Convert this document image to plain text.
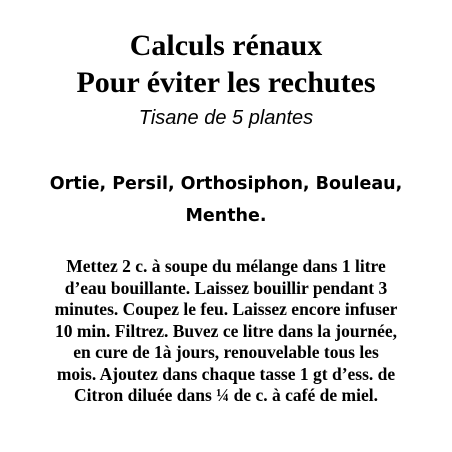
Calculs rénaux
Pour éviter les rechutes
Tisane de 5 plantes
Ortie, Persil, Orthosiphon, Bouleau,
Menthe.
Mettez 2 c. à soupe du mélange dans 1 litre
d’eau bouillante. Laissez bouillir pendant 3
minutes. Coupez le feu. Laissez encore infuser
10 min. Filtrez. Buvez ce litre dans la journée,
en cure de 1à jours, renouvelable tous les
mois. Ajoutez dans chaque tasse 1 gt d’ess. de
Citron diluée dans ¼ de c. à café de miel.
